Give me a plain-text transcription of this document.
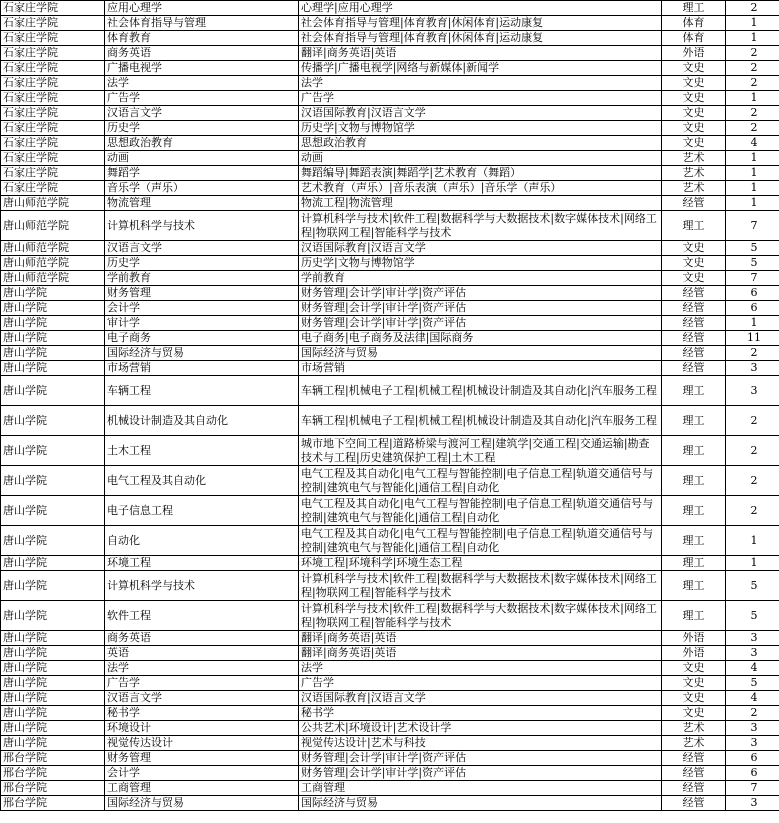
石家庄学院	应用心理学	心理学|应用心理学	理工	2
石家庄学院	社会体育指导与管理	社会体育指导与管理|体育教育|休闲体育|运动康复	体育	1
石家庄学院	体育教育	社会体育指导与管理|体育教育|休闲体育|运动康复	体育	1
石家庄学院	商务英语	翻译|商务英语|英语	外语	2
石家庄学院	广播电视学	传播学|广播电视学|网络与新媒体|新闻学	文史	2
石家庄学院	法学	法学	文史	2
石家庄学院	广告学	广告学	文史	1
石家庄学院	汉语言文学	汉语国际教育|汉语言文学	文史	2
石家庄学院	历史学	历史学|文物与博物馆学	文史	2
石家庄学院	思想政治教育	思想政治教育	文史	4
石家庄学院	动画	动画	艺术	1
石家庄学院	舞蹈学	舞蹈编导|舞蹈表演|舞蹈学|艺术教育（舞蹈）	艺术	1
石家庄学院	音乐学（声乐）	艺术教育（声乐）|音乐表演（声乐）|音乐学（声乐）	艺术	1
唐山师范学院	物流管理	物流工程|物流管理	经管	1
唐山师范学院	计算机科学与技术	计算机科学与技术|软件工程|数据科学与大数据技术|数字媒体技术|网络工程|物联网工程|智能科学与技术	理工	7
唐山师范学院	汉语言文学	汉语国际教育|汉语言文学	文史	5
唐山师范学院	历史学	历史学|文物与博物馆学	文史	5
唐山师范学院	学前教育	学前教育	文史	7
唐山学院	财务管理	财务管理|会计学|审计学|资产评估	经管	6
唐山学院	会计学	财务管理|会计学|审计学|资产评估	经管	6
唐山学院	审计学	财务管理|会计学|审计学|资产评估	经管	1
唐山学院	电子商务	电子商务|电子商务及法律|国际商务	经管	11
唐山学院	国际经济与贸易	国际经济与贸易	经管	2
唐山学院	市场营销	市场营销	经管	3
唐山学院	车辆工程	车辆工程|机械电子工程|机械工程|机械设计制造及其自动化|汽车服务工程	理工	3
唐山学院	机械设计制造及其自动化	车辆工程|机械电子工程|机械工程|机械设计制造及其自动化|汽车服务工程	理工	2
唐山学院	土木工程	城市地下空间工程|道路桥梁与渡河工程|建筑学|交通工程|交通运输|勘查技术与工程|历史建筑保护工程|土木工程	理工	2
唐山学院	电气工程及其自动化	电气工程及其自动化|电气工程与智能控制|电子信息工程|轨道交通信号与控制|建筑电气与智能化|通信工程|自动化	理工	2
唐山学院	电子信息工程	电气工程及其自动化|电气工程与智能控制|电子信息工程|轨道交通信号与控制|建筑电气与智能化|通信工程|自动化	理工	2
唐山学院	自动化	电气工程及其自动化|电气工程与智能控制|电子信息工程|轨道交通信号与控制|建筑电气与智能化|通信工程|自动化	理工	1
唐山学院	环境工程	环境工程|环境科学|环境生态工程	理工	1
唐山学院	计算机科学与技术	计算机科学与技术|软件工程|数据科学与大数据技术|数字媒体技术|网络工程|物联网工程|智能科学与技术	理工	5
唐山学院	软件工程	计算机科学与技术|软件工程|数据科学与大数据技术|数字媒体技术|网络工程|物联网工程|智能科学与技术	理工	5
唐山学院	商务英语	翻译|商务英语|英语	外语	3
唐山学院	英语	翻译|商务英语|英语	外语	3
唐山学院	法学	法学	文史	4
唐山学院	广告学	广告学	文史	5
唐山学院	汉语言文学	汉语国际教育|汉语言文学	文史	4
唐山学院	秘书学	秘书学	文史	2
唐山学院	环境设计	公共艺术|环境设计|艺术设计学	艺术	3
唐山学院	视觉传达设计	视觉传达设计|艺术与科技	艺术	3
邢台学院	财务管理	财务管理|会计学|审计学|资产评估	经管	6
邢台学院	会计学	财务管理|会计学|审计学|资产评估	经管	6
邢台学院	工商管理	工商管理	经管	7
邢台学院	国际经济与贸易	国际经济与贸易	经管	3
